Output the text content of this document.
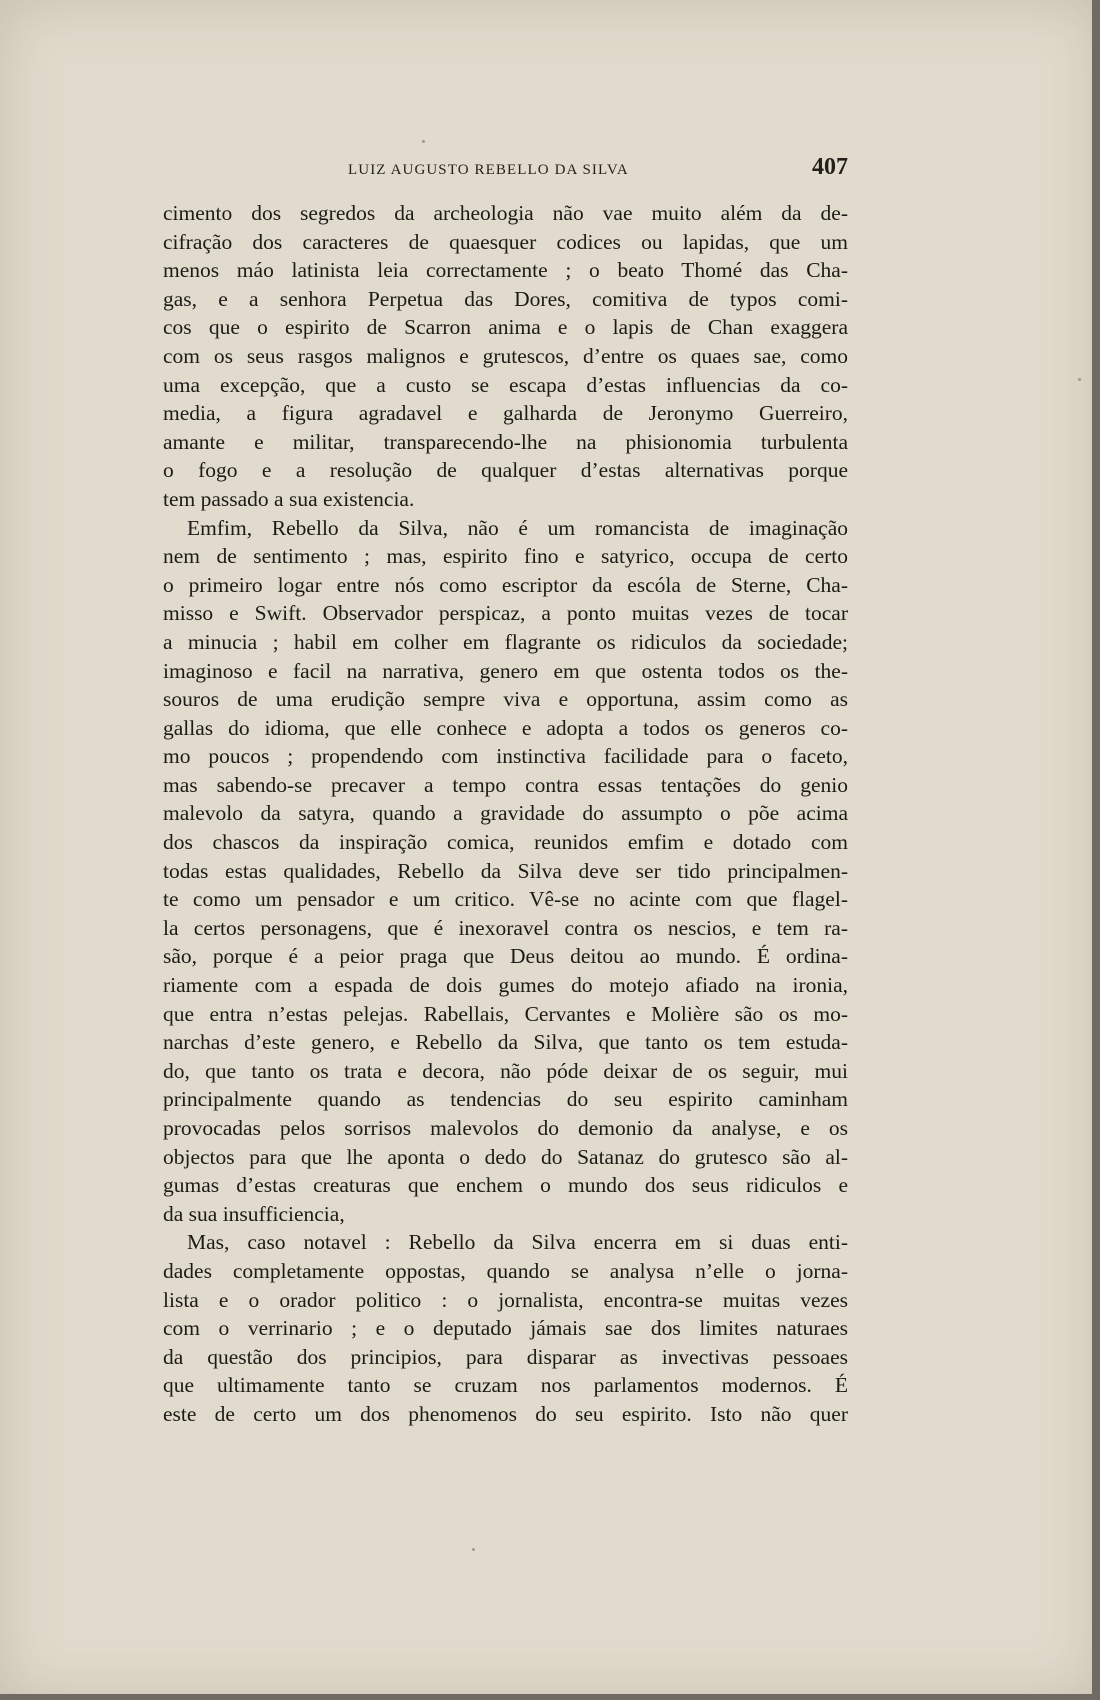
LUIZ AUGUSTO REBELLO DA SILVA	407
cimento dos segredos da archeologia não vae muito além da de-
cifração dos caracteres de quaesquer codices ou lapidas, que um
menos máo latinista leia correctamente ; o beato Thomé das Cha-
gas, e a senhora Perpetua das Dores, comitiva de typos comi-
cos que o espirito de Scarron anima e o lapis de Chan exaggera
com os seus rasgos malignos e grutescos, d’entre os quaes sae, como
uma excepção, que a custo se escapa d’estas influencias da co-
media, a figura agradavel e galharda de Jeronymo Guerreiro,
amante e militar, transparecendo-lhe na phisionomia turbulenta
o fogo e a resolução de qualquer d’estas alternativas porque
tem passado a sua existencia.
Emfim, Rebello da Silva, não é um romancista de imaginação
nem de sentimento ; mas, espirito fino e satyrico, occupa de certo
o primeiro logar entre nós como escriptor da escóla de Sterne, Cha-
misso e Swift. Observador perspicaz, a ponto muitas vezes de tocar
a minucia ; habil em colher em flagrante os ridiculos da sociedade;
imaginoso e facil na narrativa, genero em que ostenta todos os the-
souros de uma erudição sempre viva e opportuna, assim como as
gallas do idioma, que elle conhece e adopta a todos os generos co-
mo poucos ; propendendo com instinctiva facilidade para o faceto,
mas sabendo-se precaver a tempo contra essas tentações do genio
malevolo da satyra, quando a gravidade do assumpto o põe acima
dos chascos da inspiração comica, reunidos emfim e dotado com
todas estas qualidades, Rebello da Silva deve ser tido principalmen-
te como um pensador e um critico. Vê-se no acinte com que flagel-
la certos personagens, que é inexoravel contra os nescios, e tem ra-
são, porque é a peior praga que Deus deitou ao mundo. É ordina-
riamente com a espada de dois gumes do motejo afiado na ironia,
que entra n’estas pelejas. Rabellais, Cervantes e Molière são os mo-
narchas d’este genero, e Rebello da Silva, que tanto os tem estuda-
do, que tanto os trata e decora, não póde deixar de os seguir, mui
principalmente quando as tendencias do seu espirito caminham
provocadas pelos sorrisos malevolos do demonio da analyse, e os
objectos para que lhe aponta o dedo do Satanaz do grutesco são al-
gumas d’estas creaturas que enchem o mundo dos seus ridiculos e
da sua insufficiencia,
Mas, caso notavel : Rebello da Silva encerra em si duas enti-
dades completamente oppostas, quando se analysa n’elle o jorna-
lista e o orador politico : o jornalista, encontra-se muitas vezes
com o verrinario ; e o deputado jámais sae dos limites naturaes
da questão dos principios, para disparar as invectivas pessoaes
que ultimamente tanto se cruzam nos parlamentos modernos. É
este de certo um dos phenomenos do seu espirito. Isto não quer
